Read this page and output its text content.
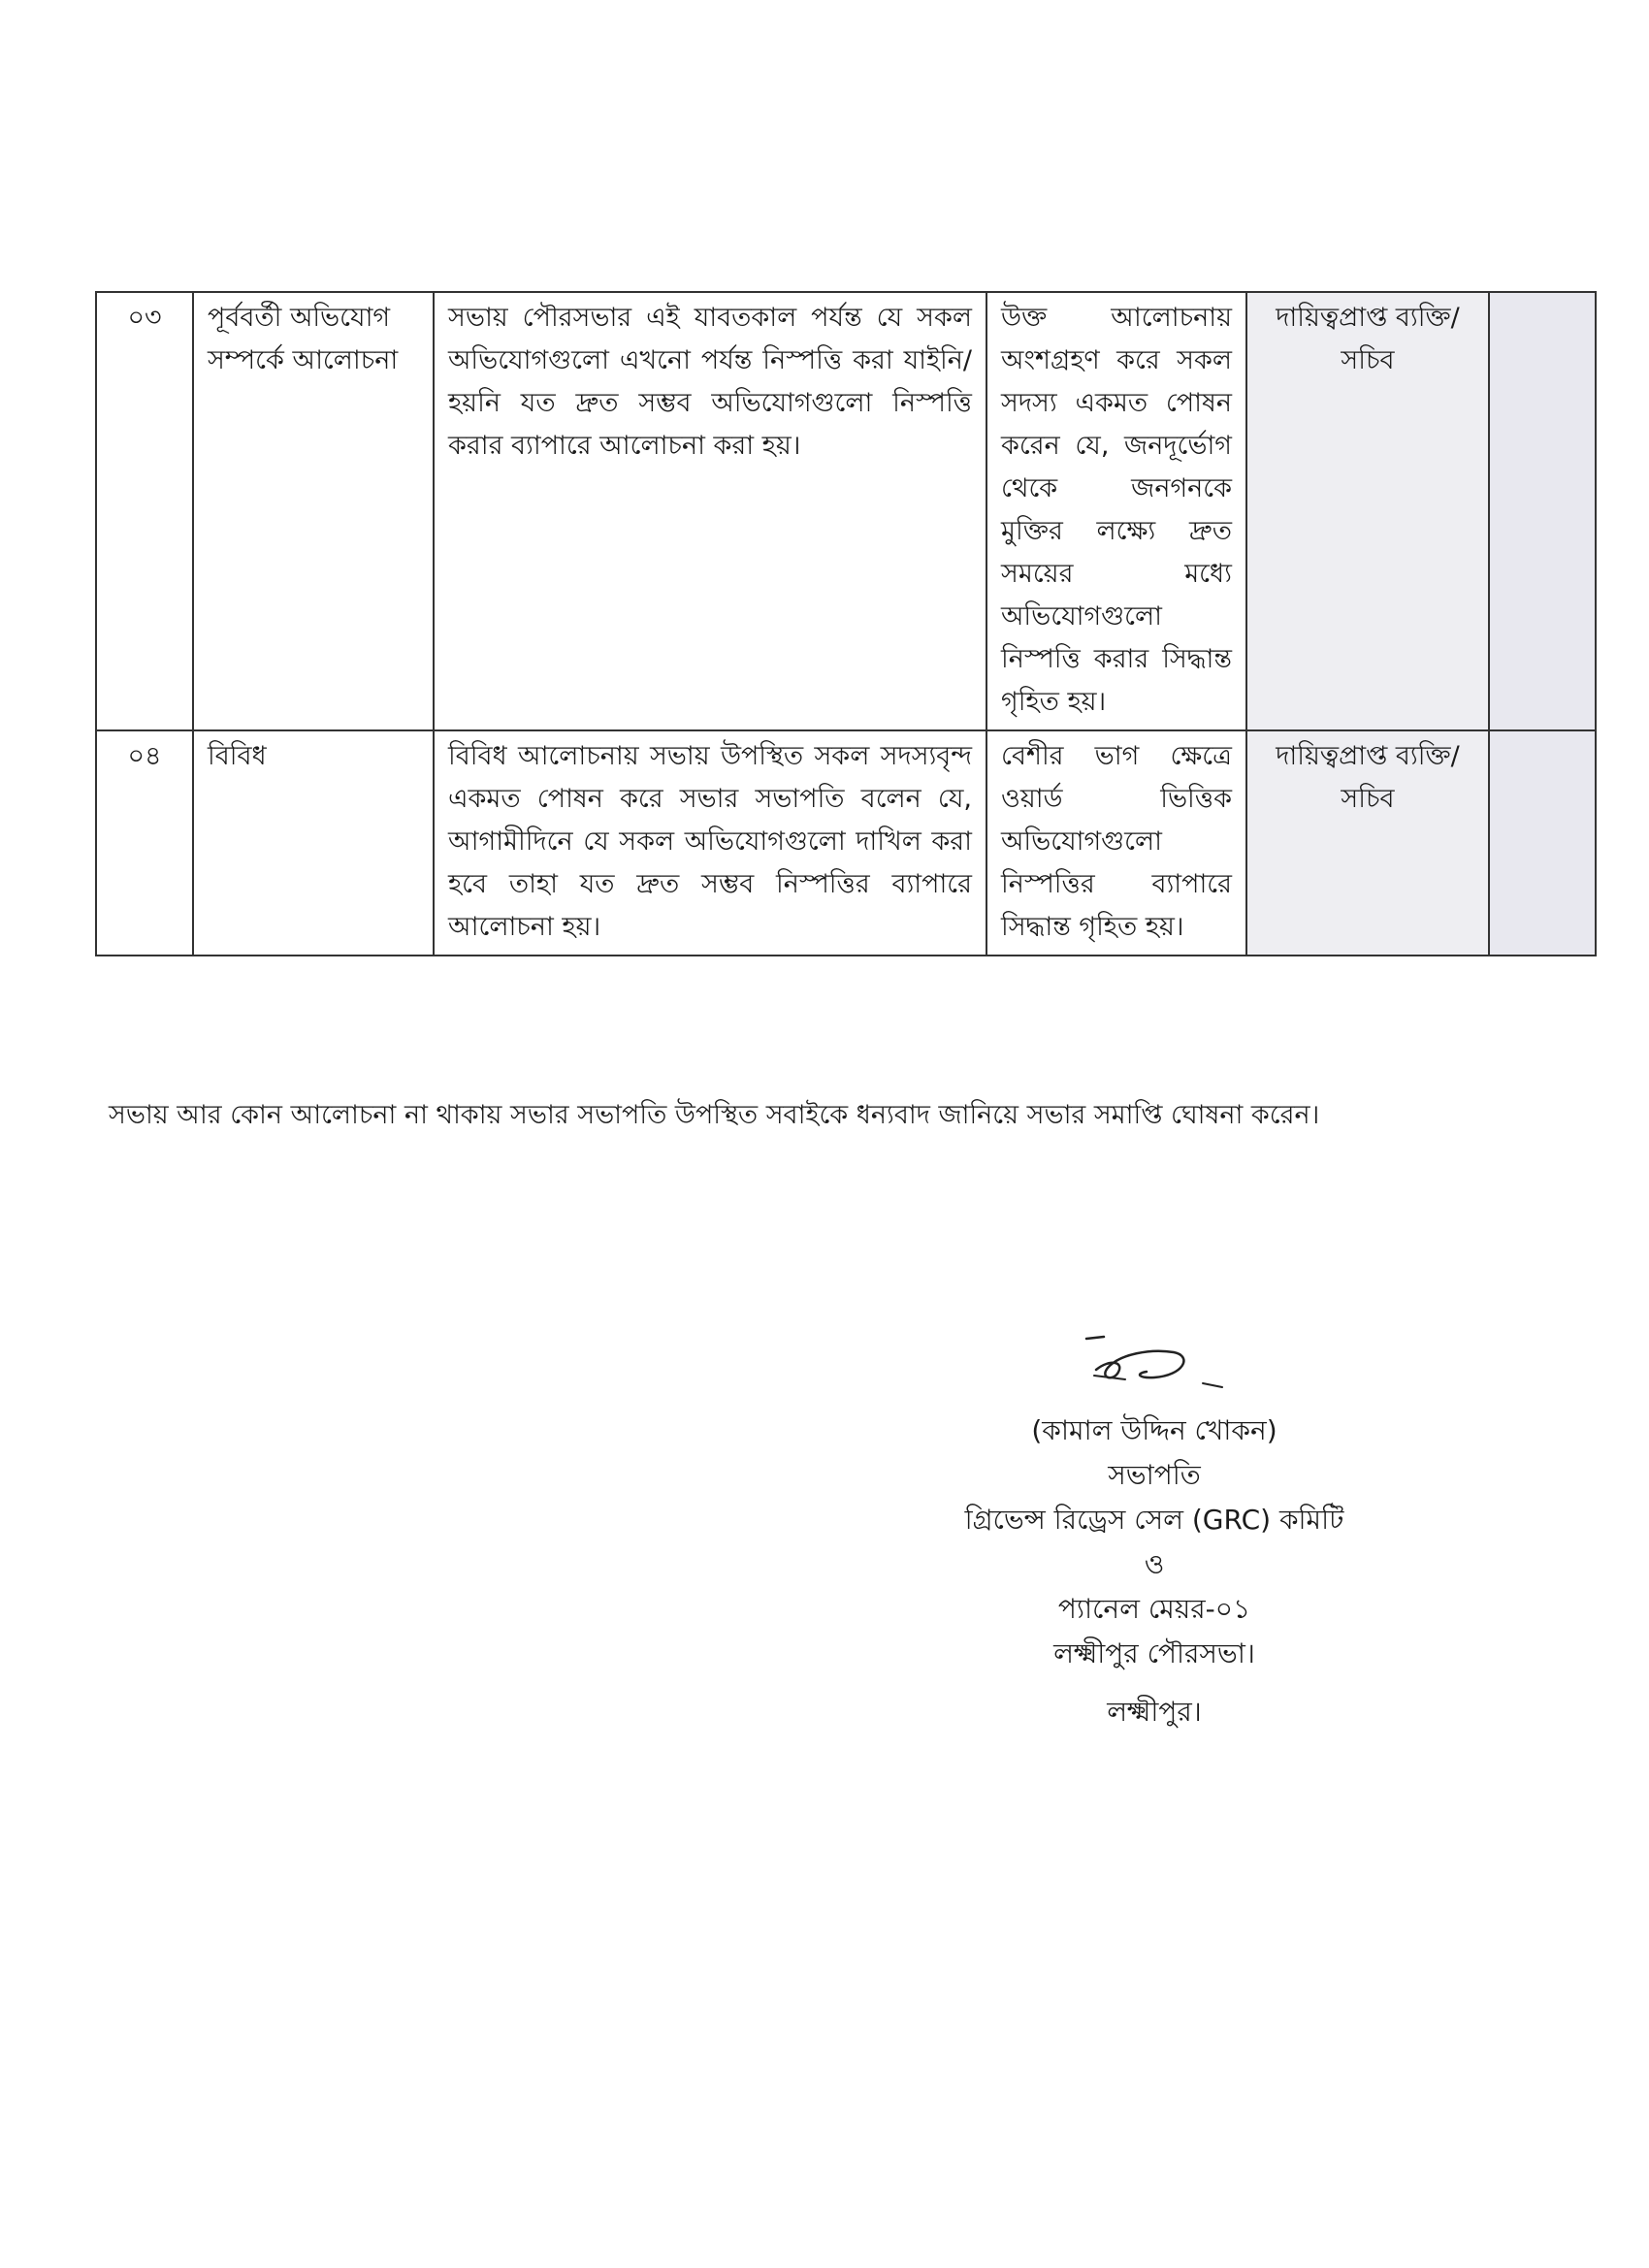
০৩	পূর্ববর্তী অভিযোগ সম্পর্কে আলোচনা	সভায় পৌরসভার এই যাবতকাল পর্যন্ত যে সকল অভিযোগগুলো এখনো পর্যন্ত নিস্পত্তি করা যাইনি/হয়নি যত দ্রুত সম্ভব অভিযোগগুলো নিস্পত্তি করার ব্যাপারে আলোচনা করা হয়।	উক্ত আলোচনায় অংশগ্রহণ করে সকল সদস্য একমত পোষন করেন যে, জনদূর্ভোগ থেকে জনগনকে মুক্তির লক্ষ্যে দ্রুত সময়ের মধ্যে অভিযোগগুলো নিস্পত্তি করার সিদ্ধান্ত গৃহিত হয়।	দায়িত্বপ্রাপ্ত ব্যক্তি/ সচিব	
০৪	বিবিধ	বিবিধ আলোচনায় সভায় উপস্থিত সকল সদস্যবৃন্দ একমত পোষন করে সভার সভাপতি বলেন যে, আগামীদিনে যে সকল অভিযোগগুলো দাখিল করা হবে তাহা যত দ্রুত সম্ভব নিস্পত্তির ব্যাপারে আলোচনা হয়।	বেশীর ভাগ ক্ষেত্রে ওয়ার্ড ভিত্তিক অভিযোগগুলো নিস্পত্তির ব্যাপারে সিদ্ধান্ত গৃহিত হয়।	দায়িত্বপ্রাপ্ত ব্যক্তি/ সচিব	
সভায় আর কোন আলোচনা না থাকায় সভার সভাপতি উপস্থিত সবাইকে ধন্যবাদ জানিয়ে সভার সমাপ্তি ঘোষনা করেন।
(কামাল উদ্দিন খোকন)
সভাপতি
গ্রিভেন্স রিড্রেস সেল (GRC) কমিটি
ও
প্যানেল মেয়র-০১
লক্ষ্মীপুর পৌরসভা।
লক্ষ্মীপুর।
